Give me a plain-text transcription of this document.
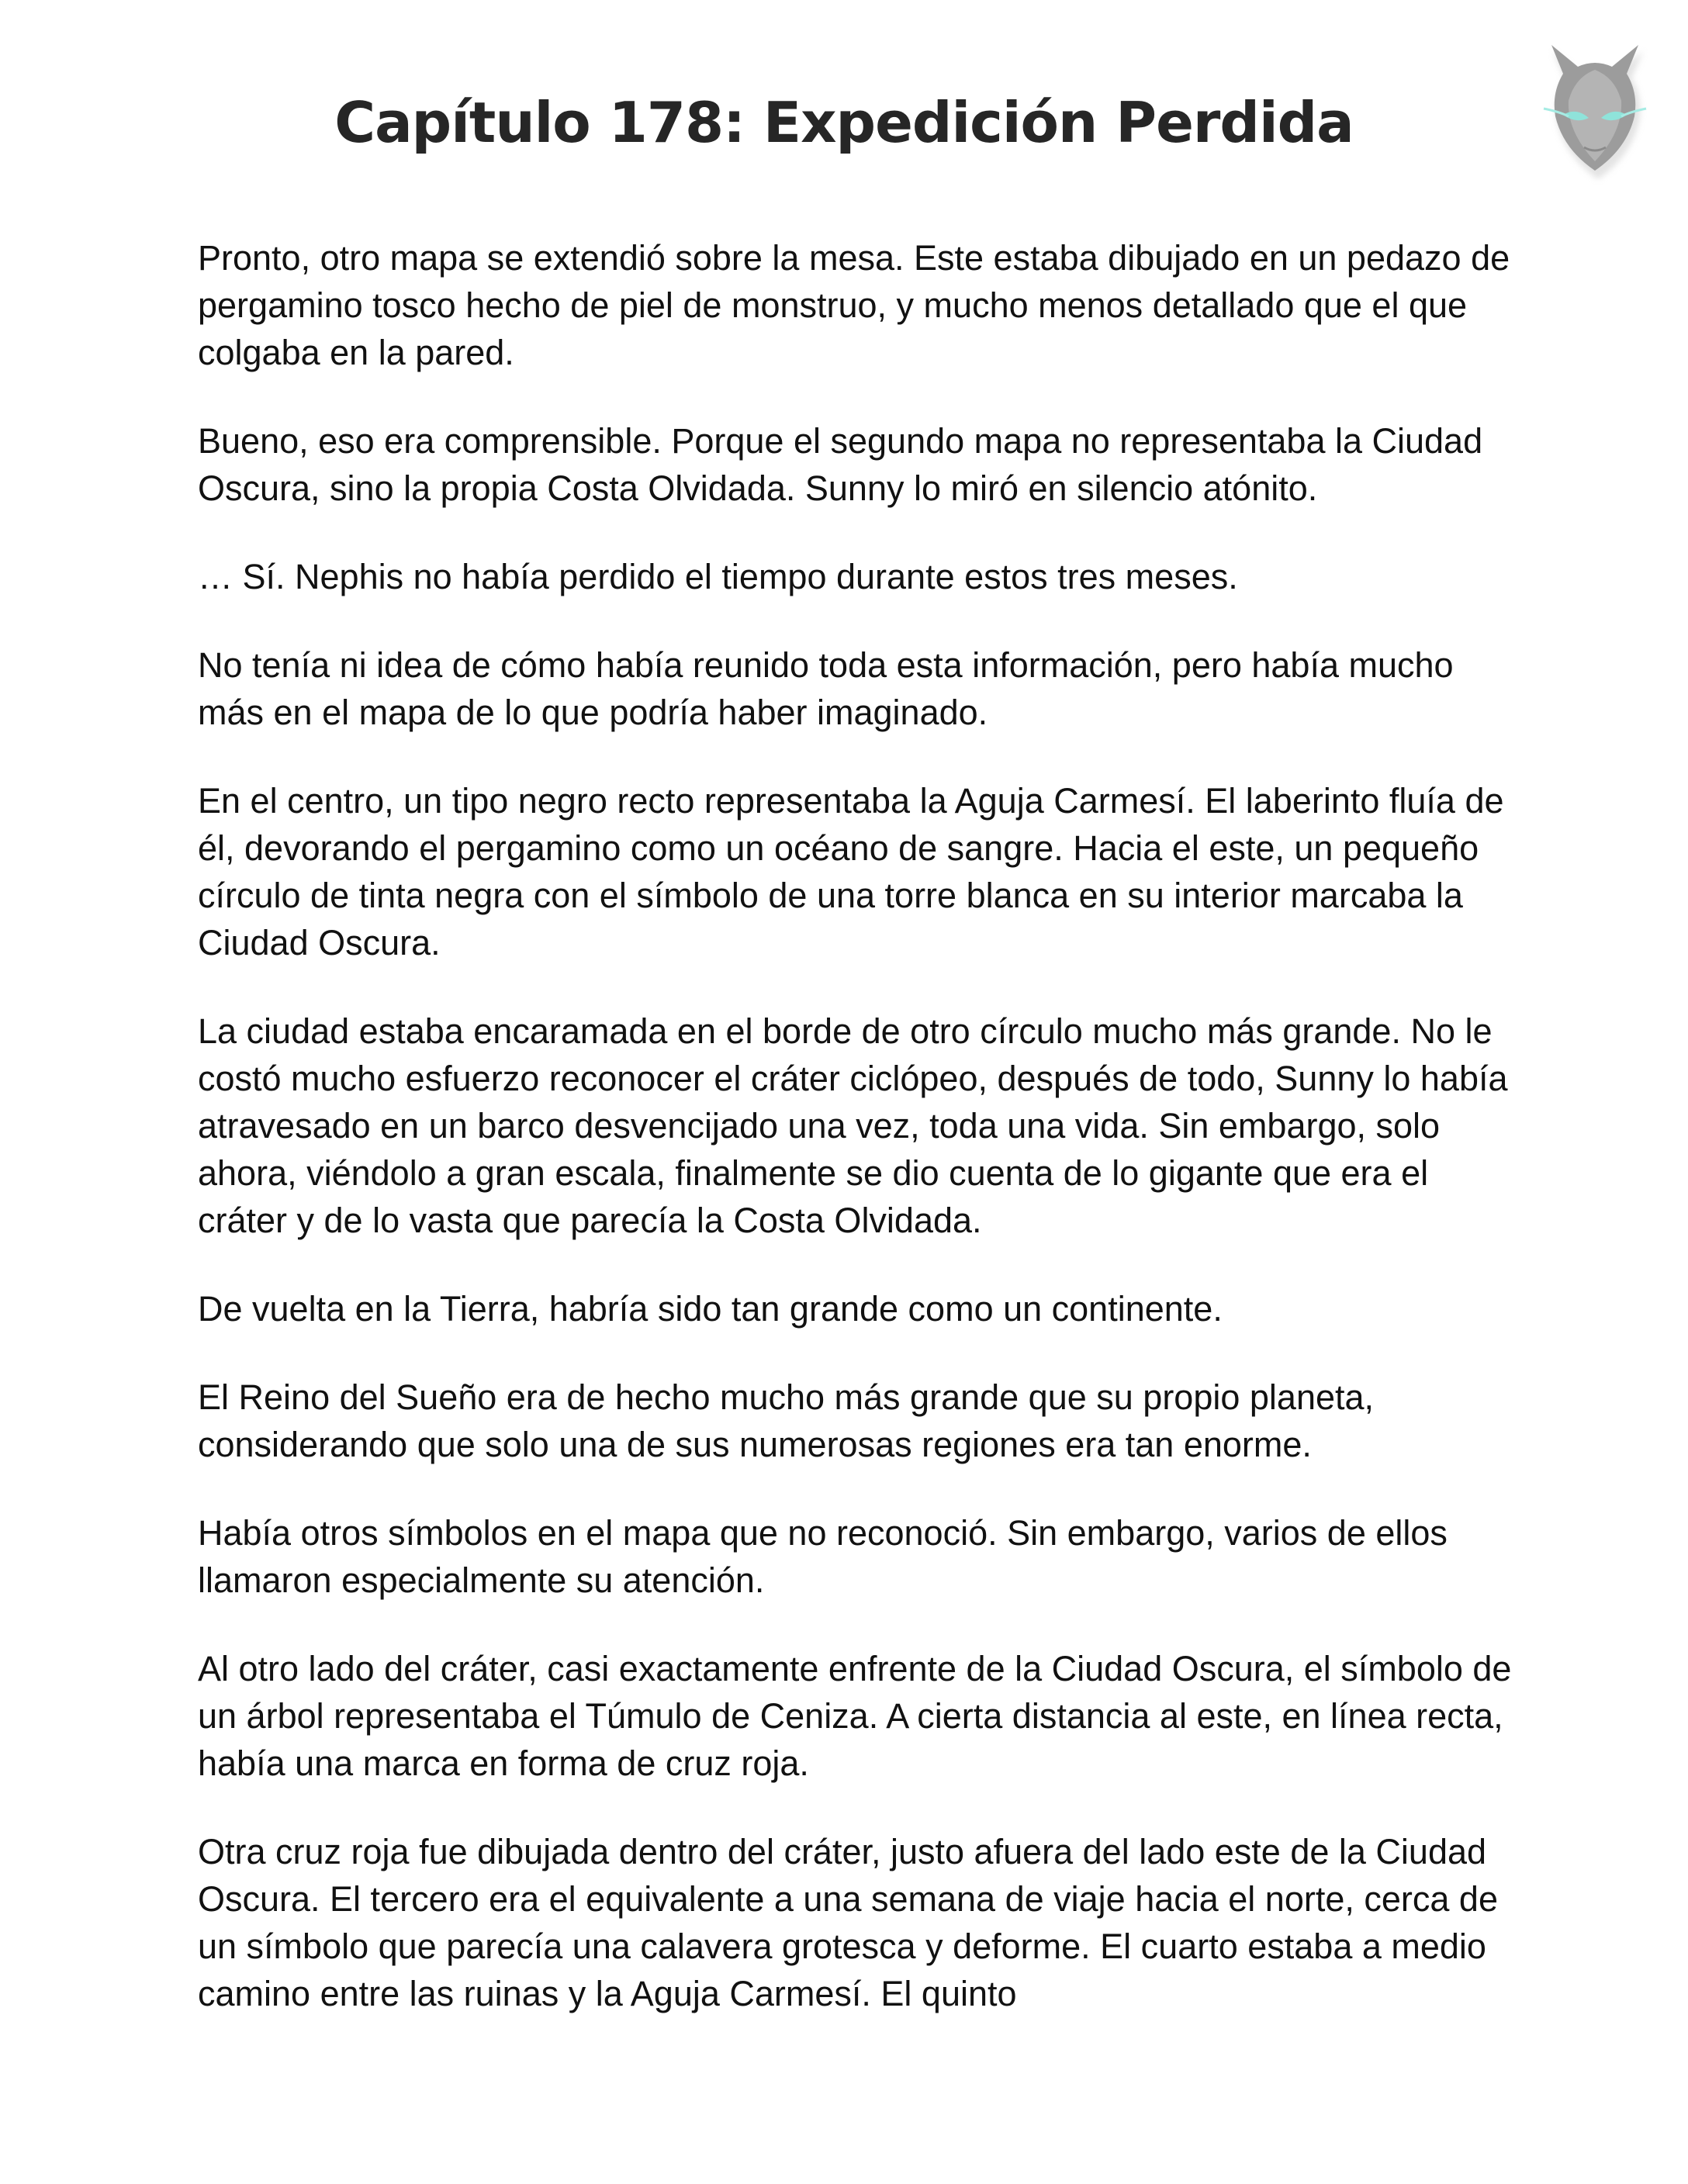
Capítulo 178: Expedición Perdida

Pronto, otro mapa se extendió sobre la mesa. Este estaba dibujado en un pedazo de pergamino tosco hecho de piel de monstruo, y mucho menos detallado que el que colgaba en la pared.

Bueno, eso era comprensible. Porque el segundo mapa no representaba la Ciudad Oscura, sino la propia Costa Olvidada. Sunny lo miró en silencio atónito.

… Sí. Nephis no había perdido el tiempo durante estos tres meses.

No tenía ni idea de cómo había reunido toda esta información, pero había mucho más en el mapa de lo que podría haber imaginado.

En el centro, un tipo negro recto representaba la Aguja Carmesí. El laberinto fluía de él, devorando el pergamino como un océano de sangre. Hacia el este, un pequeño círculo de tinta negra con el símbolo de una torre blanca en su interior marcaba la Ciudad Oscura.

La ciudad estaba encaramada en el borde de otro círculo mucho más grande. No le costó mucho esfuerzo reconocer el cráter ciclópeo, después de todo, Sunny lo había atravesado en un barco desvencijado una vez, toda una vida. Sin embargo, solo ahora, viéndolo a gran escala, finalmente se dio cuenta de lo gigante que era el cráter y de lo vasta que parecía la Costa Olvidada.

De vuelta en la Tierra, habría sido tan grande como un continente.

El Reino del Sueño era de hecho mucho más grande que su propio planeta, considerando que solo una de sus numerosas regiones era tan enorme.

Había otros símbolos en el mapa que no reconoció. Sin embargo, varios de ellos llamaron especialmente su atención.

Al otro lado del cráter, casi exactamente enfrente de la Ciudad Oscura, el símbolo de un árbol representaba el Túmulo de Ceniza. A cierta distancia al este, en línea recta, había una marca en forma de cruz roja.

Otra cruz roja fue dibujada dentro del cráter, justo afuera del lado este de la Ciudad Oscura. El tercero era el equivalente a una semana de viaje hacia el norte, cerca de un símbolo que parecía una calavera grotesca y deforme. El cuarto estaba a medio camino entre las ruinas y la Aguja Carmesí. El quinto
